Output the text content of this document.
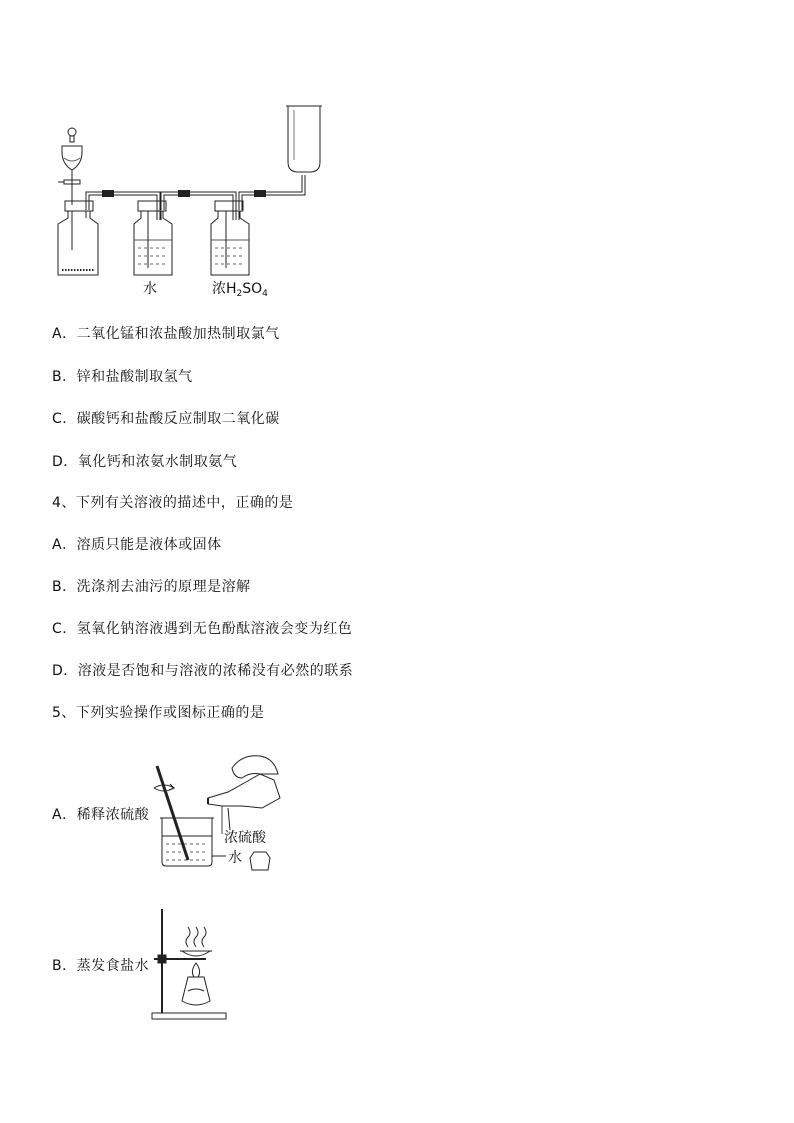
水	浓$H_2SO_4$
A．二氧化锰和浓盐酸加热制取氯气
B．锌和盐酸制取氢气
C．碳酸钙和盐酸反应制取二氧化碳
D．氧化钙和浓氨水制取氨气
4、下列有关溶液的描述中，正确的是
A．溶质只能是液体或固体
B．洗涤剂去油污的原理是溶解
C．氢氧化钠溶液遇到无色酚酞溶液会变为红色
D．溶液是否饱和与溶液的浓稀没有必然的联系
5、下列实验操作或图标正确的是
A．稀释浓硫酸
浓硫酸
水
B．蒸发食盐水
